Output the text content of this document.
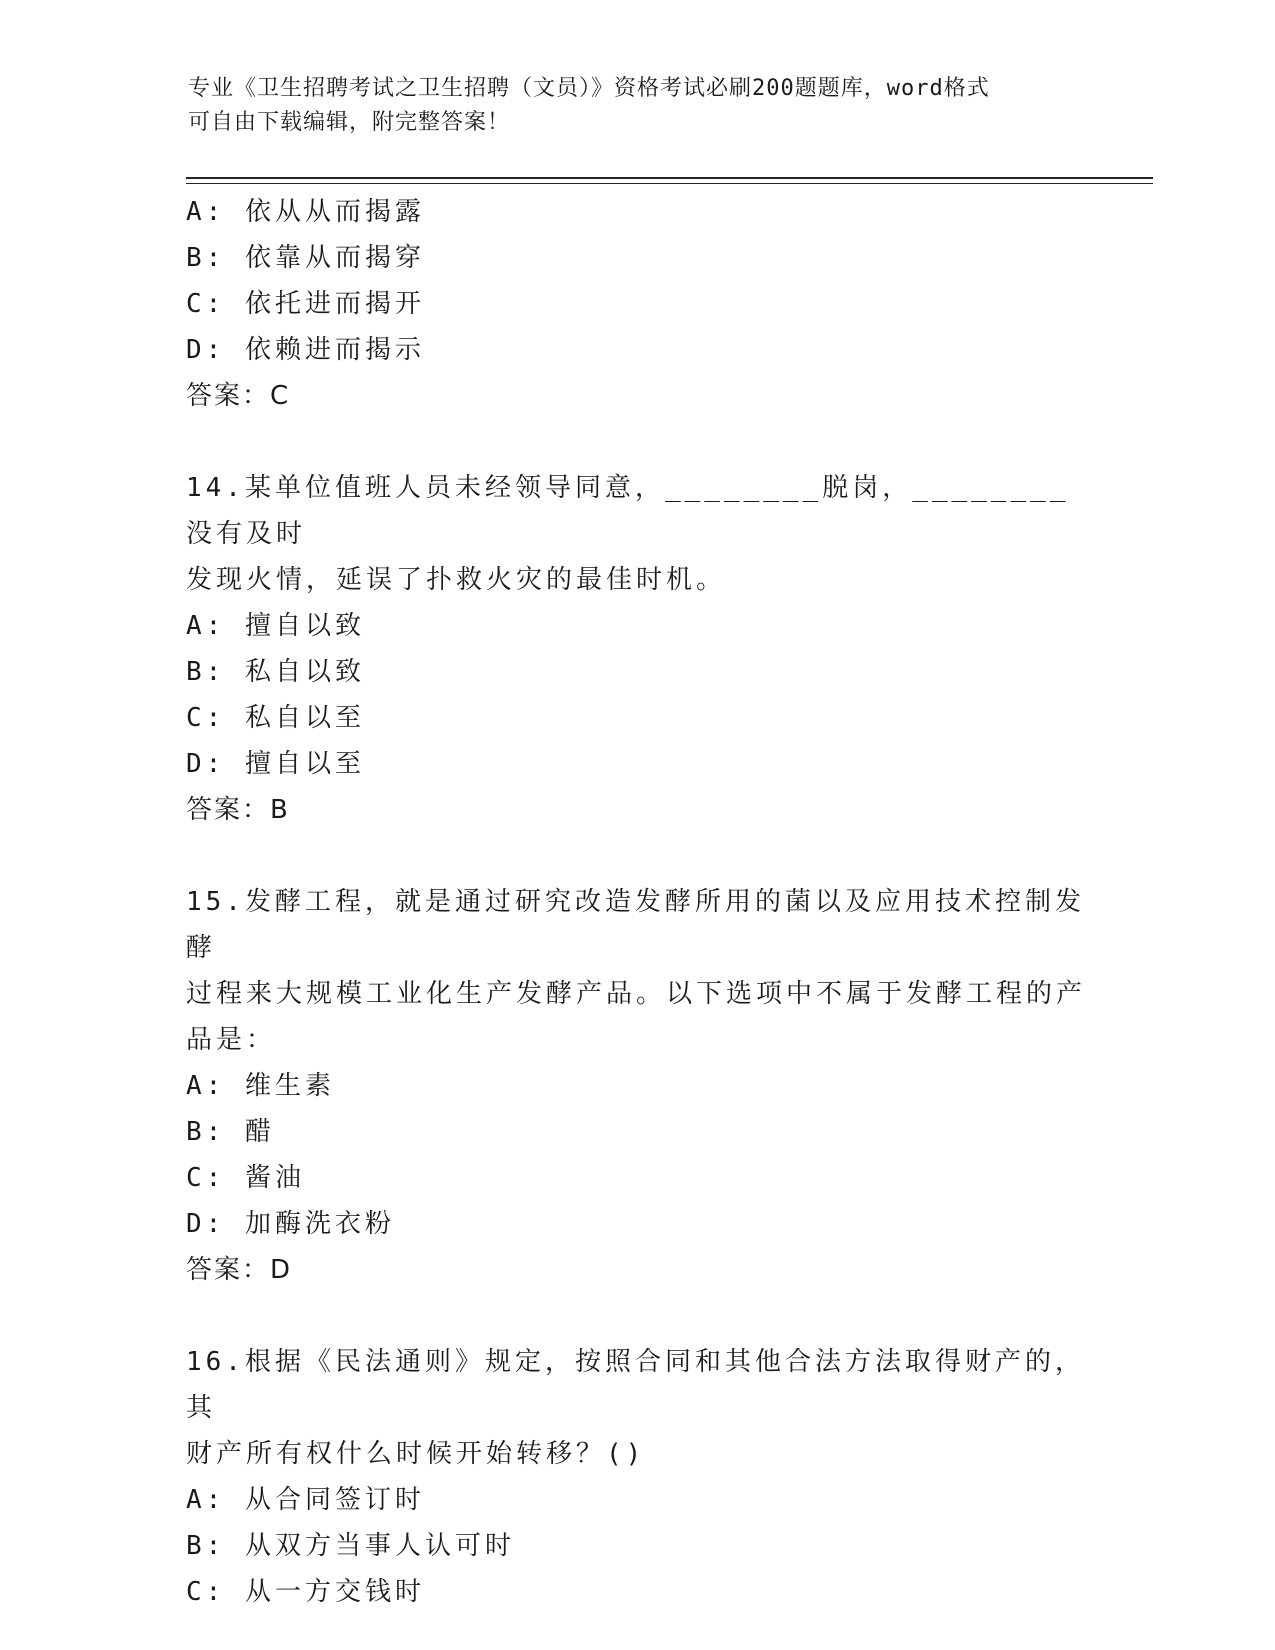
专业《卫生招聘考试之卫生招聘（文员）》资格考试必刷200题题库，word格式
可自由下载编辑，附完整答案！
A: 依从从而揭露
B: 依靠从而揭穿
C: 依托进而揭开
D: 依赖进而揭示
答案：C
14.某单位值班人员未经领导同意，________脱岗，________没有及时
发现火情，延误了扑救火灾的最佳时机。
A: 擅自以致
B: 私自以致
C: 私自以至
D: 擅自以至
答案：B
15.发酵工程，就是通过研究改造发酵所用的菌以及应用技术控制发酵
过程来大规模工业化生产发酵产品。以下选项中不属于发酵工程的产
品是：
A: 维生素
B: 醋
C: 酱油
D: 加酶洗衣粉
答案：D
16.根据《民法通则》规定，按照合同和其他合法方法取得财产的，其
财产所有权什么时候开始转移？()
A: 从合同签订时
B: 从双方当事人认可时
C: 从一方交钱时
